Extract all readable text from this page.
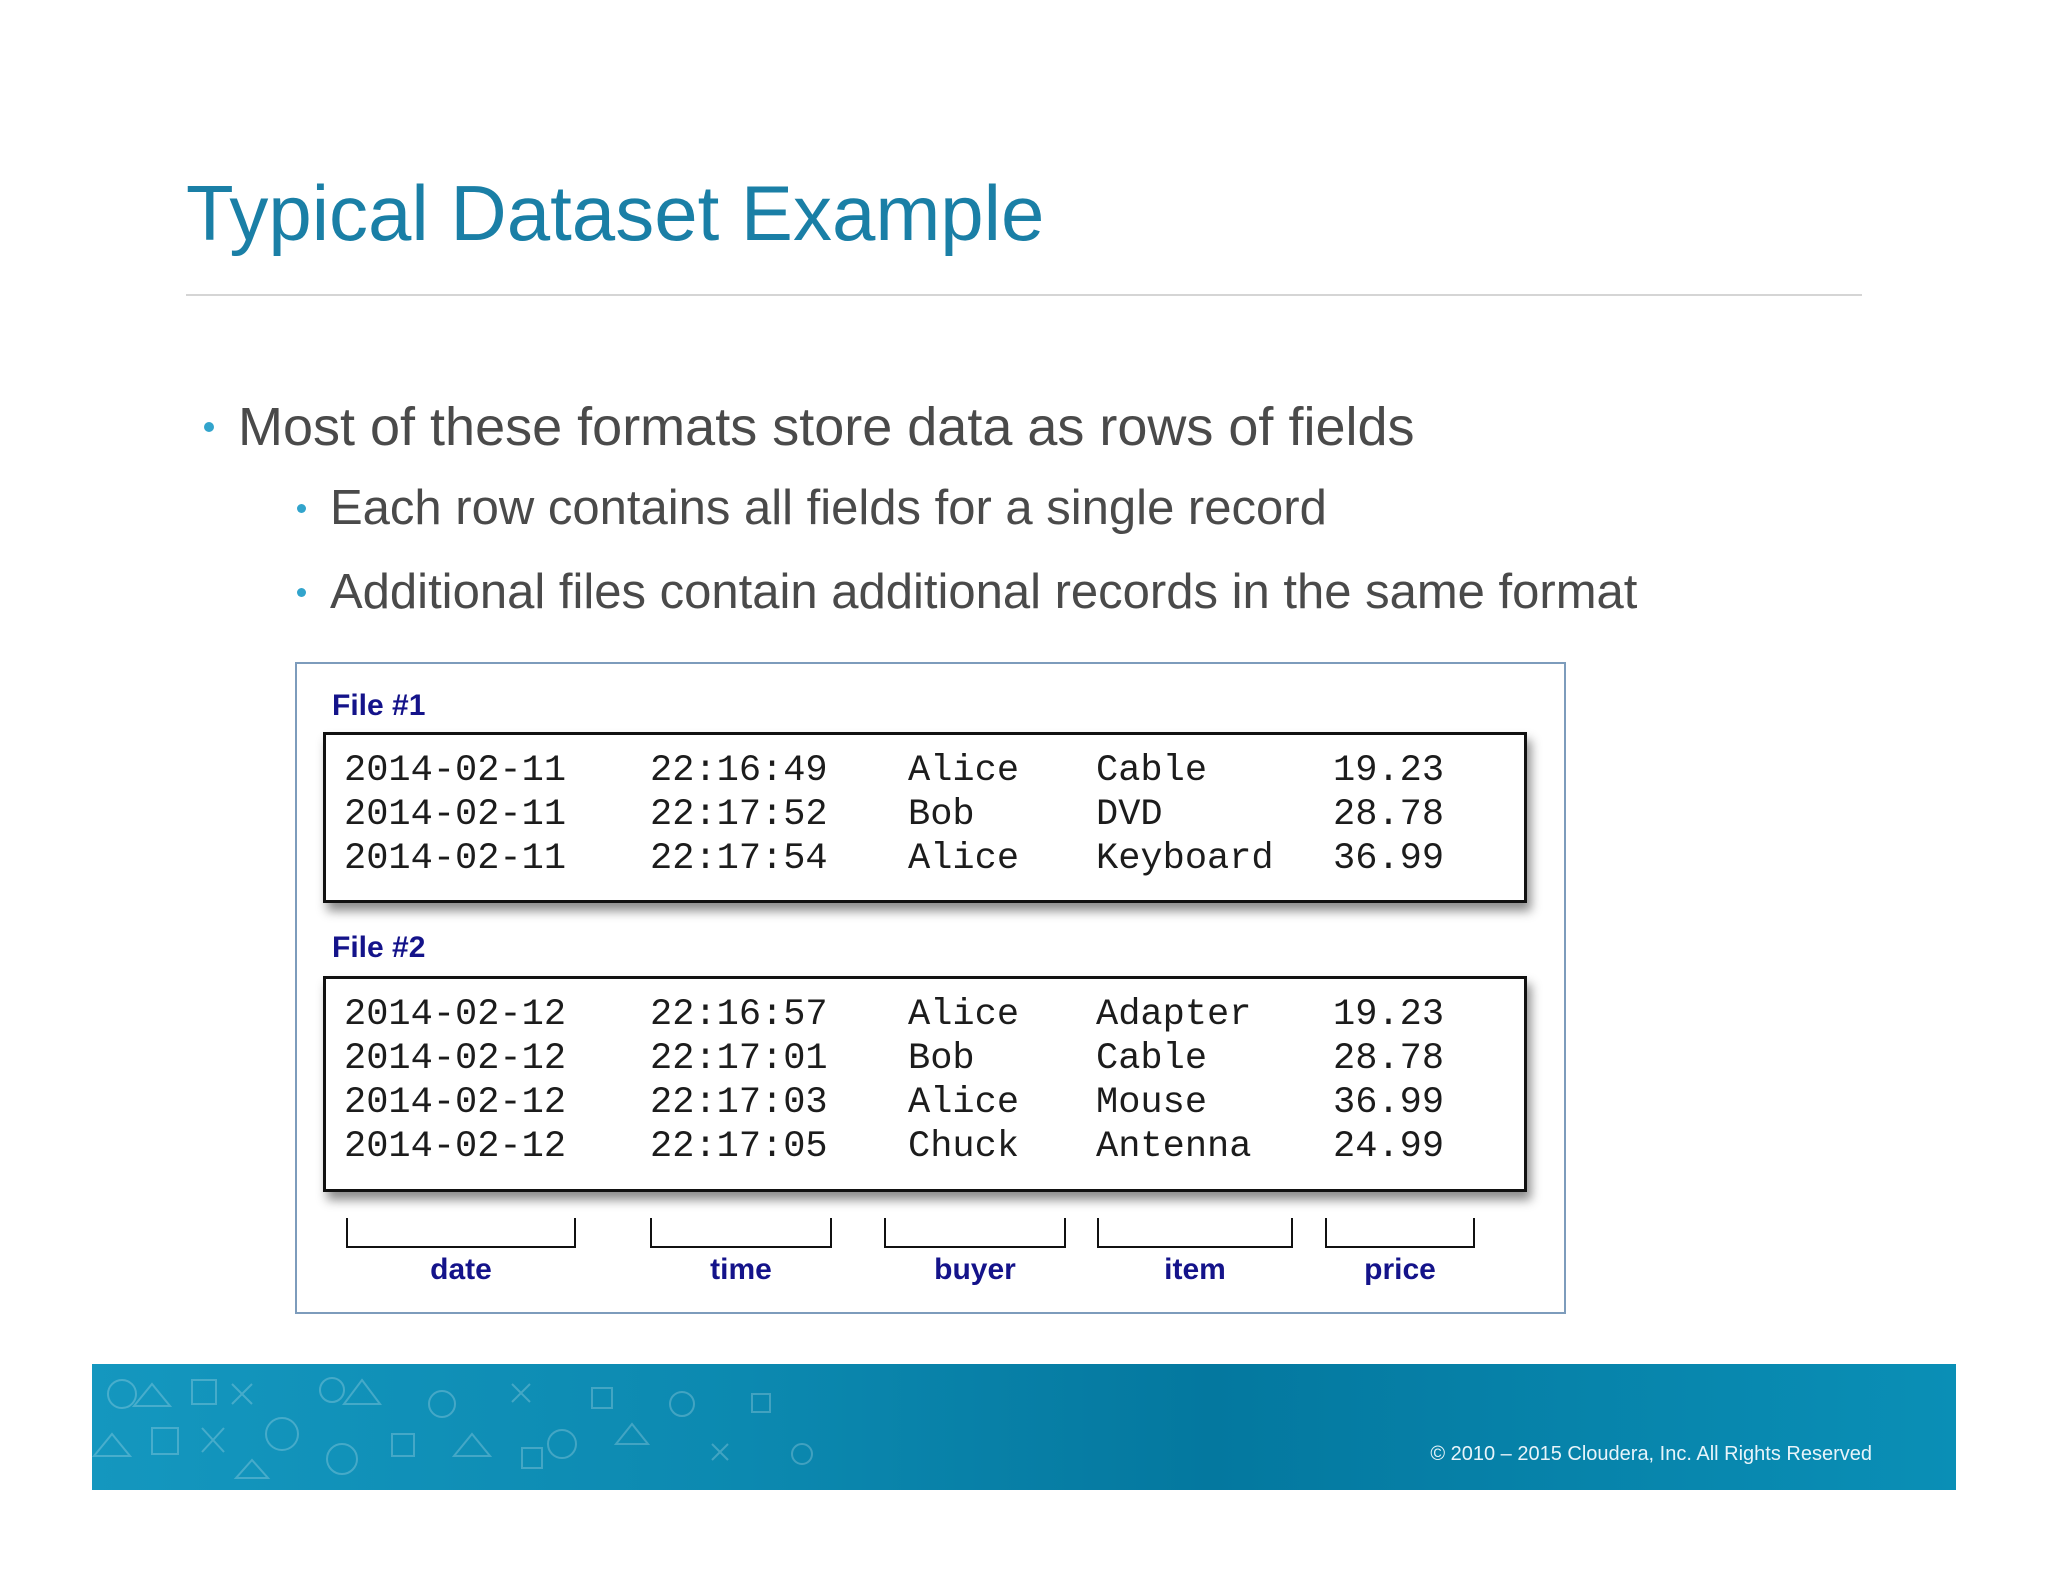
Typical Dataset Example
Most of these formats store data as rows of fields
Each row contains all fields for a single record
Additional files contain additional records in the same format
File #1
2014-02-11 22:16:49 Alice Cable	19.23
2014-02-11 22:17:52 Bob	DVD	28.78
2014-02-11 22:17:54 Alice Keyboard 36.99
File #2
2014-02-12 22:16:57 Alice Adapter 19.23
2014-02-12 22:17:01 Bob	Cable	28.78
2014-02-12 22:17:03 Alice Mouse	36.99
2014-02-12 22:17:05 Chuck Antenna 24.99
date	time	buyer	item	price
© 2010 – 2015 Cloudera, Inc. All Rights Reserved
